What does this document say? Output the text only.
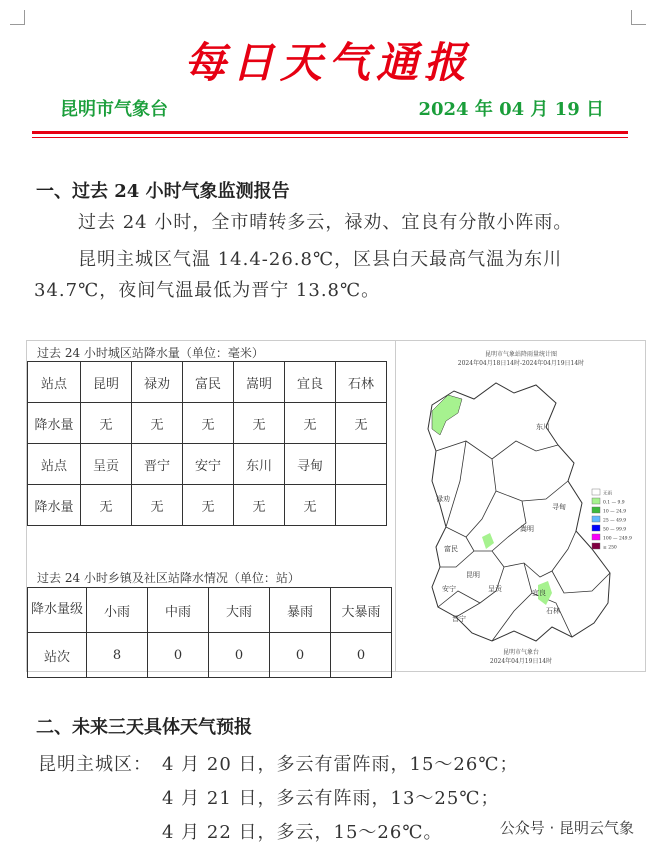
每日天气通报
昆明市气象台	2024 年 04 月 19 日
一、过去 24 小时气象监测报告
过去 24 小时，全市晴转多云，禄劝、宜良有分散小阵雨。
昆明主城区气温 14.4-26.8℃，区县白天最高气温为东川 34.7℃，夜间气温最低为晋宁 13.8℃。
过去 24 小时城区站降水量（单位：毫米）
站点	昆明	禄劝	富民	嵩明	宜良	石林
降水量	无	无	无	无	无	无
站点	呈贡	晋宁	安宁	东川	寻甸	
降水量	无	无	无	无	无	
过去 24 小时乡镇及社区站降水情况（单位：站）
降水量级	小雨	中雨	大雨	暴雨	大暴雨
站次	8	0	0	0	0
昆明市气象站降雨量统计图
2024年04月18日14时-2024年04月19日14时
东川
禄劝
寻甸
嵩明
富民
昆明
安宁	呈贡
晋宁
宜良
石林
无雨
0.1 — 9.9
10 — 24.9
25 — 49.9
50 — 99.9
100 — 249.9
≥ 250
昆明市气象台
2024年04月19日14时
二、未来三天具体天气预报
昆明主城区： 4 月 20 日，多云有雷阵雨，15～26℃；
4 月 21 日，多云有阵雨，13～25℃；
4 月 22 日，多云，15～26℃。	公众号 · 昆明云气象
